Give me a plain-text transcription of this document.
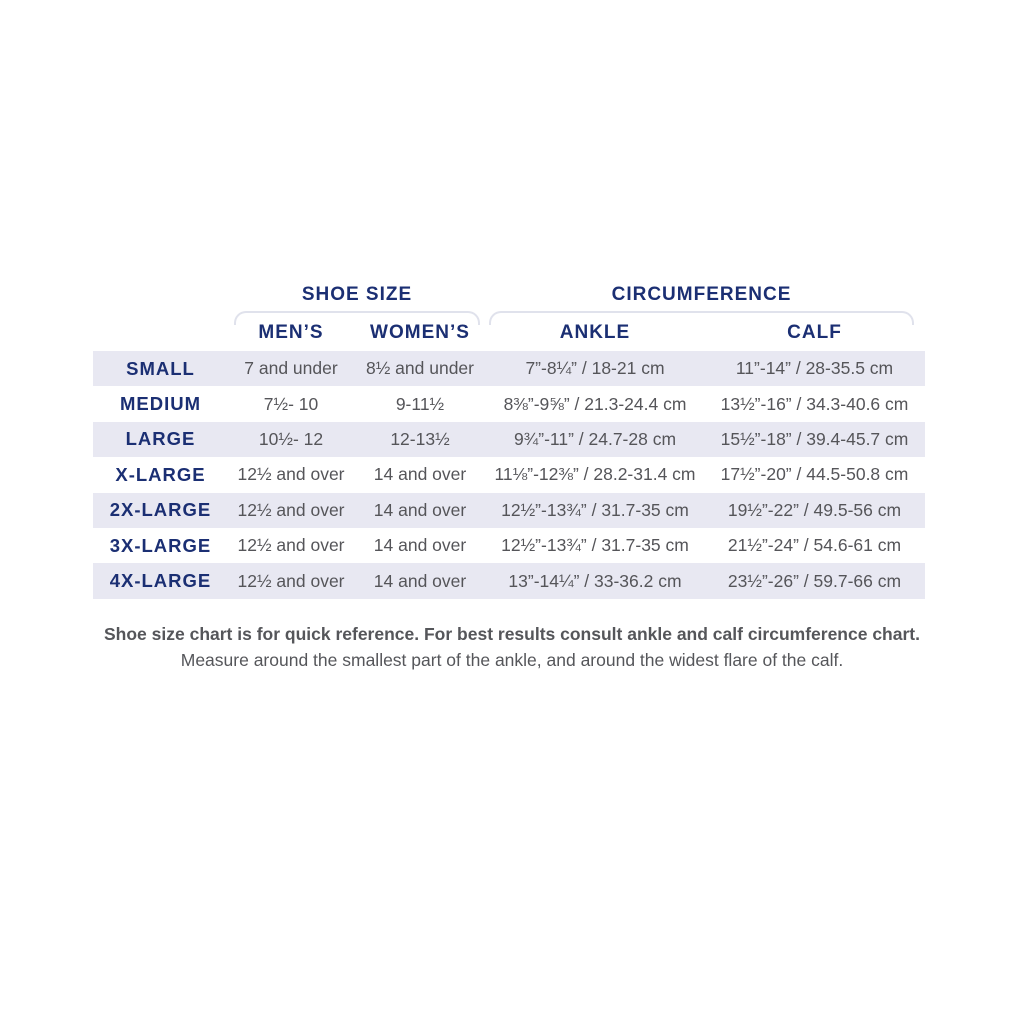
SHOE SIZE	CIRCUMFERENCE
MEN’S	WOMEN’S	ANKLE	CALF
SMALL	7 and under	8½ and under	7”-8¼” / 18-21 cm	11”-14” / 28-35.5 cm
MEDIUM	7½- 10	9-11½	8⅜”-9⅝” / 21.3-24.4 cm	13½”-16” / 34.3-40.6 cm
LARGE	10½- 12	12-13½	9¾”-11” / 24.7-28 cm	15½”-18” / 39.4-45.7 cm
X-LARGE	12½ and over	14 and over	11⅛”-12⅜” / 28.2-31.4 cm	17½”-20” / 44.5-50.8 cm
2X-LARGE	12½ and over	14 and over	12½”-13¾” / 31.7-35 cm	19½”-22” / 49.5-56 cm
3X-LARGE	12½ and over	14 and over	12½”-13¾” / 31.7-35 cm	21½”-24” / 54.6-61 cm
4X-LARGE	12½ and over	14 and over	13”-14¼” / 33-36.2 cm	23½”-26” / 59.7-66 cm
Shoe size chart is for quick reference. For best results consult ankle and calf circumference chart.
Measure around the smallest part of the ankle, and around the widest flare of the calf.
